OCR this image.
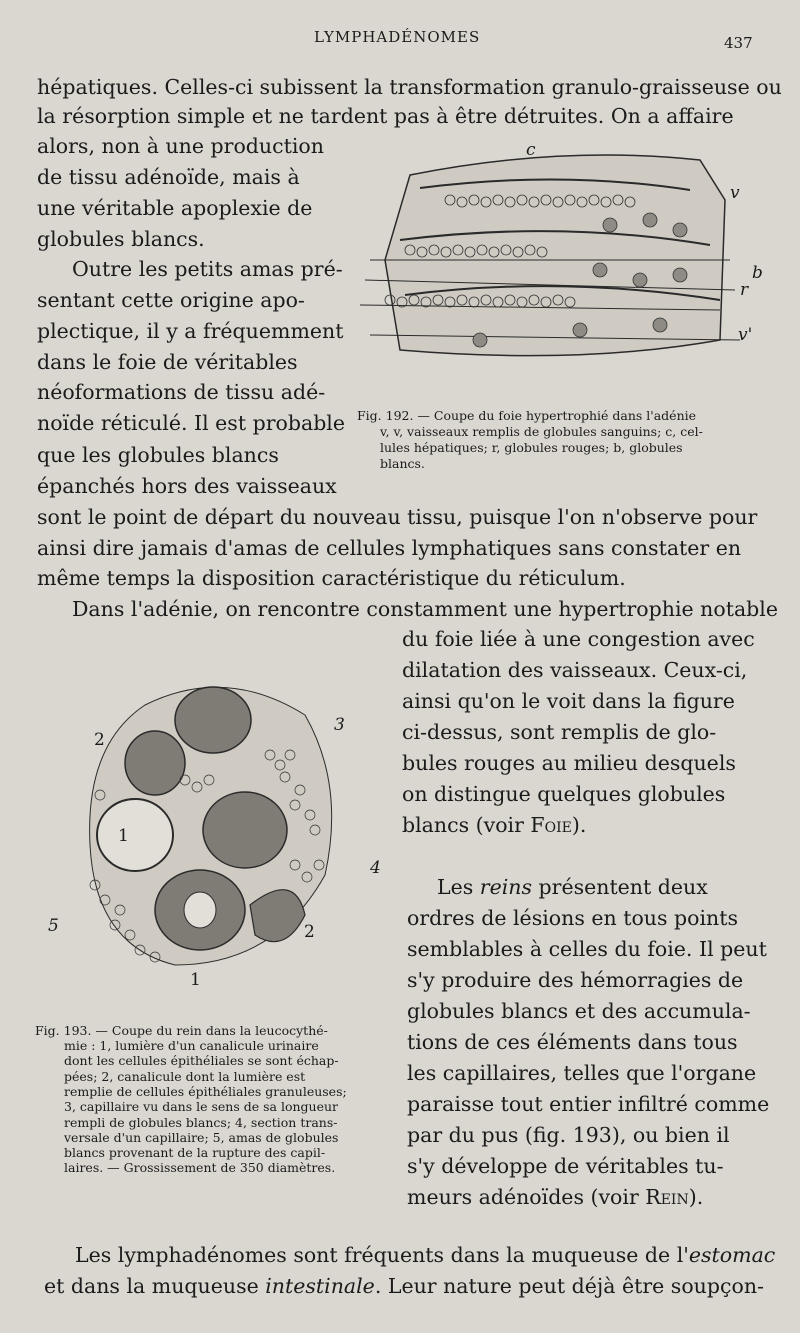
LYMPHADÉNOMES	437
hépatiques. Celles-ci subissent la transformation granulo-graisseuse ou
la résorption simple et ne tardent pas à être détruites. On a affaire
alors, non à une production
de tissu adénoïde, mais à
une véritable apoplexie de
globules blancs.
Outre les petits amas pré-
sentant cette origine apo-
plectique, il y a fréquemment
dans le foie de véritables
néoformations de tissu adé-
noïde réticulé. Il est probable
que les globules blancs
épanchés hors des vaisseaux
sont le point de départ du nouveau tissu, puisque l'on n'observe pour
ainsi dire jamais d'amas de cellules lymphatiques sans constater en
même temps la disposition caractéristique du réticulum.
Dans l'adénie, on rencontre constamment une hypertrophie notable
c
v
b
r
v'
Fig. 192. — Coupe du foie hypertrophié dans l'adénie
v, v, vaisseaux remplis de globules sanguins; c, cel-
lules hépatiques; r, globules rouges; b, globules
blancs.
du foie liée à une congestion avec
dilatation des vaisseaux. Ceux-ci,
ainsi qu'on le voit dans la figure
ci-dessus, sont remplis de glo-
bules rouges au milieu desquels
on distingue quelques globules
blancs (voir Foie).
2
3
1
4
5	2
1
Fig. 193. — Coupe du rein dans la leucocythé-
mie : 1, lumière d'un canalicule urinaire
dont les cellules épithéliales se sont échap-
pées; 2, canalicule dont la lumière est
remplie de cellules épithéliales granuleuses;
3, capillaire vu dans le sens de sa longueur
rempli de globules blancs; 4, section trans-
versale d'un capillaire; 5, amas de globules
blancs provenant de la rupture des capil-
laires. — Grossissement de 350 diamètres.
Les reins présentent deux
ordres de lésions en tous points
semblables à celles du foie. Il peut
s'y produire des hémorragies de
globules blancs et des accumula-
tions de ces éléments dans tous
les capillaires, telles que l'organe
paraisse tout entier infiltré comme
par du pus (fig. 193), ou bien il
s'y développe de véritables tu-
meurs adénoïdes (voir Rein).
Les lymphadénomes sont fréquents dans la muqueuse de l'estomac
et dans la muqueuse intestinale. Leur nature peut déjà être soupçon-
